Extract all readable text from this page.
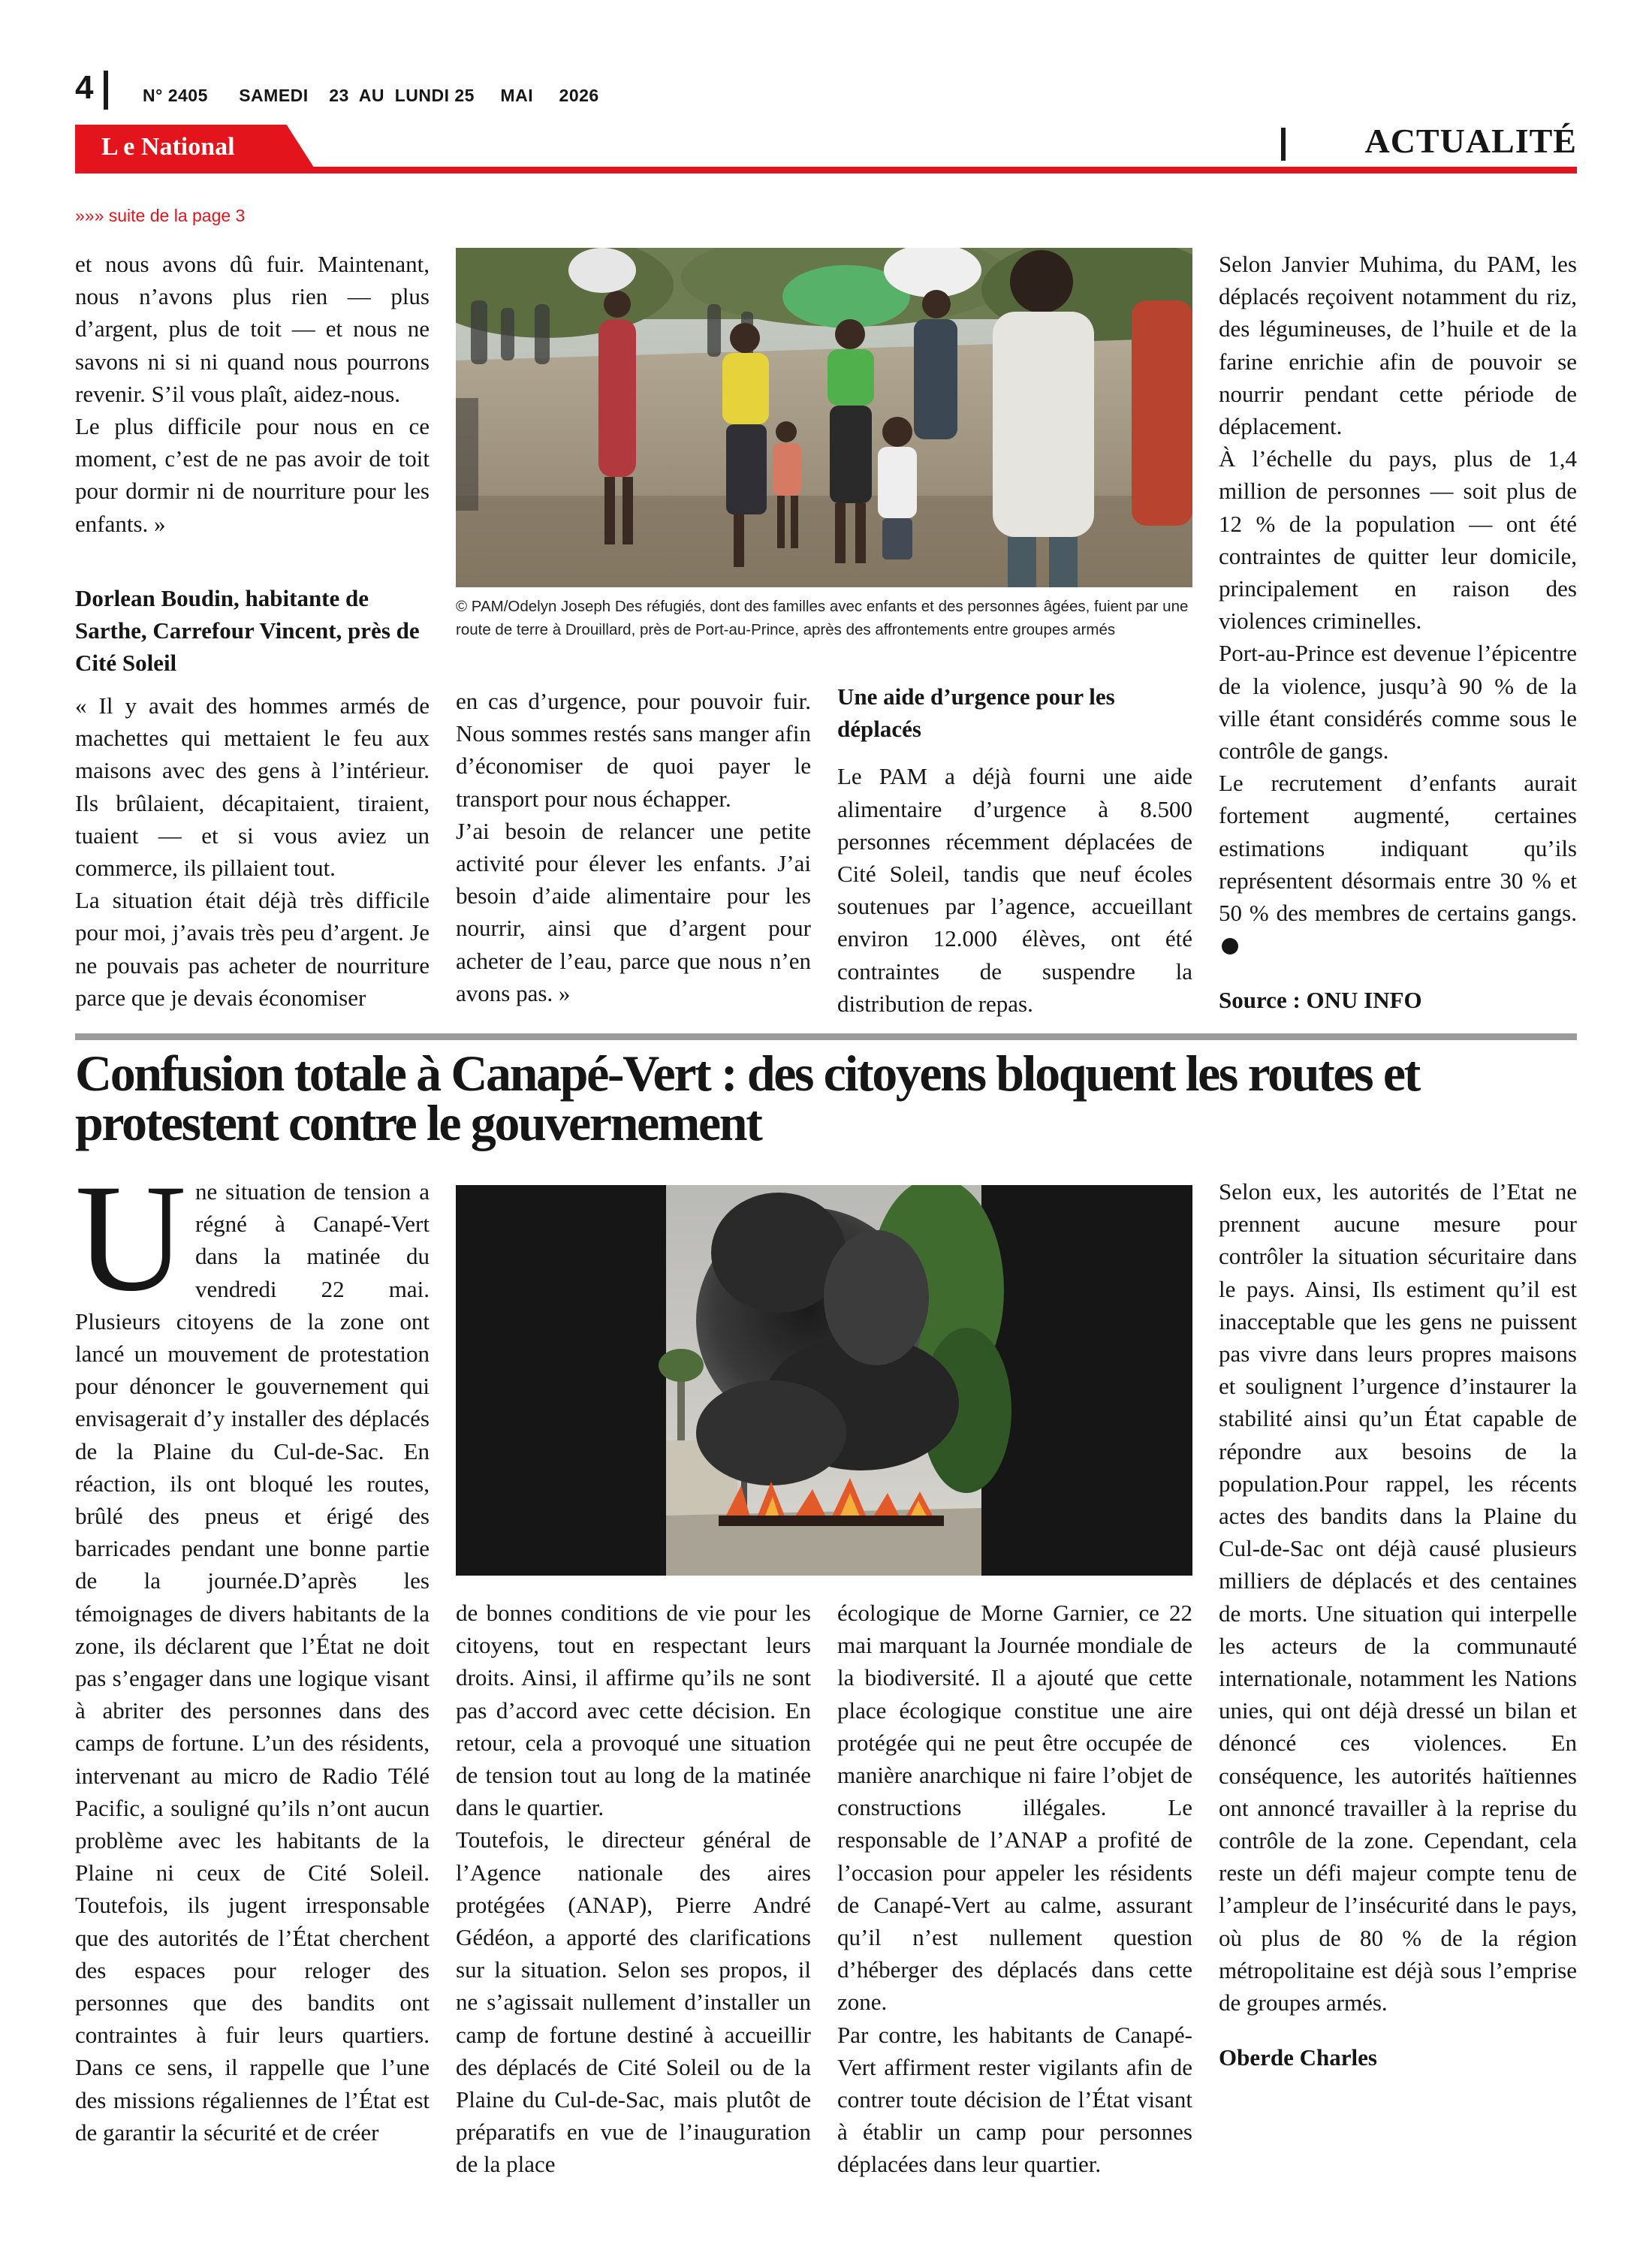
4	N° 2405      SAMEDI    23  AU  LUNDI 25     MAI     2026
L e National	ACTUALITÉ
»»» suite de la page 3

et nous avons dû fuir. Maintenant, nous n’avons plus rien — plus d’argent, plus de toit — et nous ne savons ni si ni quand nous pourrons revenir. S’il vous plaît, aidez-nous.

Le plus difficile pour nous en ce moment, c’est de ne pas avoir de toit pour dormir ni de nourriture pour les enfants. »

Dorlean Boudin, habitante de Sarthe, Carrefour Vincent, près de Cité Soleil

« Il y avait des hommes armés de machettes qui mettaient le feu aux maisons avec des gens à l’intérieur. Ils brûlaient, décapitaient, tiraient, tuaient — et si vous aviez un commerce, ils pillaient tout.

La situation était déjà très difficile pour moi, j’avais très peu d’argent. Je ne pouvais pas acheter de nourriture parce que je devais économiser

© PAM/Odelyn Joseph Des réfugiés, dont des familles avec enfants et des personnes âgées, fuient par une route de terre à Drouillard, près de Port-au-Prince, après des affrontements entre groupes armés

en cas d’urgence, pour pouvoir fuir. Nous sommes restés sans manger afin d’économiser de quoi payer le transport pour nous échapper.

J’ai besoin de relancer une petite activité pour élever les enfants. J’ai besoin d’aide alimentaire pour les nourrir, ainsi que d’argent pour acheter de l’eau, parce que nous n’en avons pas. »

Une aide d’urgence pour les déplacés

Le PAM a déjà fourni une aide alimentaire d’urgence à 8.500 personnes récemment déplacées de Cité Soleil, tandis que neuf écoles soutenues par l’agence, accueillant environ 12.000 élèves, ont été contraintes de suspendre la distribution de repas.

Selon Janvier Muhima, du PAM, les déplacés reçoivent notamment du riz, des légumineuses, de l’huile et de la farine enrichie afin de pouvoir se nourrir pendant cette période de déplacement.

À l’échelle du pays, plus de 1,4 million de personnes — soit plus de 12 % de la population — ont été contraintes de quitter leur domicile, principalement en raison des violences criminelles.

Port-au-Prince est devenue l’épicentre de la violence, jusqu’à 90 % de la ville étant considérés comme sous le contrôle de gangs.

Le recrutement d’enfants aurait fortement augmenté, certaines estimations indiquant qu’ils représentent désormais entre 30 % et 50 % des membres de certains gangs.

Source : ONU INFO

Confusion totale à Canapé-Vert : des citoyens bloquent les routes et protestent contre le gouvernement

Une situation de tension a régné à Canapé-Vert dans la matinée du vendredi 22 mai. Plusieurs citoyens de la zone ont lancé un mouvement de protestation pour dénoncer le gouvernement qui envisagerait d’y installer des déplacés de la Plaine du Cul-de-Sac. En réaction, ils ont bloqué les routes, brûlé des pneus et érigé des barricades pendant une bonne partie de la journée.D’après les témoignages de divers habitants de la zone, ils déclarent que l’État ne doit pas s’engager dans une logique visant à abriter des personnes dans des camps de fortune. L’un des résidents, intervenant au micro de Radio Télé Pacific, a souligné qu’ils n’ont aucun problème avec les habitants de la Plaine ni ceux de Cité Soleil. Toutefois, ils jugent irresponsable que des autorités de l’État cherchent des espaces pour reloger des personnes que des bandits ont contraintes à fuir leurs quartiers. Dans ce sens, il rappelle que l’une des missions régaliennes de l’État est de garantir la sécurité et de créer

de bonnes conditions de vie pour les citoyens, tout en respectant leurs droits. Ainsi, il affirme qu’ils ne sont pas d’accord avec cette décision. En retour, cela a provoqué une situation de tension tout au long de la matinée dans le quartier.

Toutefois, le directeur général de l’Agence nationale des aires protégées (ANAP), Pierre André Gédéon, a apporté des clarifications sur la situation. Selon ses propos, il ne s’agissait nullement d’installer un camp de fortune destiné à accueillir des déplacés de Cité Soleil ou de la Plaine du Cul-de-Sac, mais plutôt de préparatifs en vue de l’inauguration de la place

écologique de Morne Garnier, ce 22 mai marquant la Journée mondiale de la biodiversité. Il a ajouté que cette place écologique constitue une aire protégée qui ne peut être occupée de manière anarchique ni faire l’objet de constructions illégales. Le responsable de l’ANAP a profité de l’occasion pour appeler les résidents de Canapé-Vert au calme, assurant qu’il n’est nullement question d’héberger des déplacés dans cette zone.

Par contre, les habitants de Canapé-Vert affirment rester vigilants afin de contrer toute décision de l’État visant à établir un camp pour personnes déplacées dans leur quartier.

Selon eux, les autorités de l’Etat ne prennent aucune mesure pour contrôler la situation sécuritaire dans le pays. Ainsi, Ils estiment qu’il est inacceptable que les gens ne puissent pas vivre dans leurs propres maisons et soulignent l’urgence d’instaurer la stabilité ainsi qu’un État capable de répondre aux besoins de la population.Pour rappel, les récents actes des bandits dans la Plaine du Cul-de-Sac ont déjà causé plusieurs milliers de déplacés et des centaines de morts. Une situation qui interpelle les acteurs de la communauté internationale, notamment les Nations unies, qui ont déjà dressé un bilan et dénoncé ces violences. En conséquence, les autorités haïtiennes ont annoncé travailler à la reprise du contrôle de la zone. Cependant, cela reste un défi majeur compte tenu de l’ampleur de l’insécurité dans le pays, où plus de 80 % de la région métropolitaine est déjà sous l’emprise de groupes armés.

Oberde Charles
